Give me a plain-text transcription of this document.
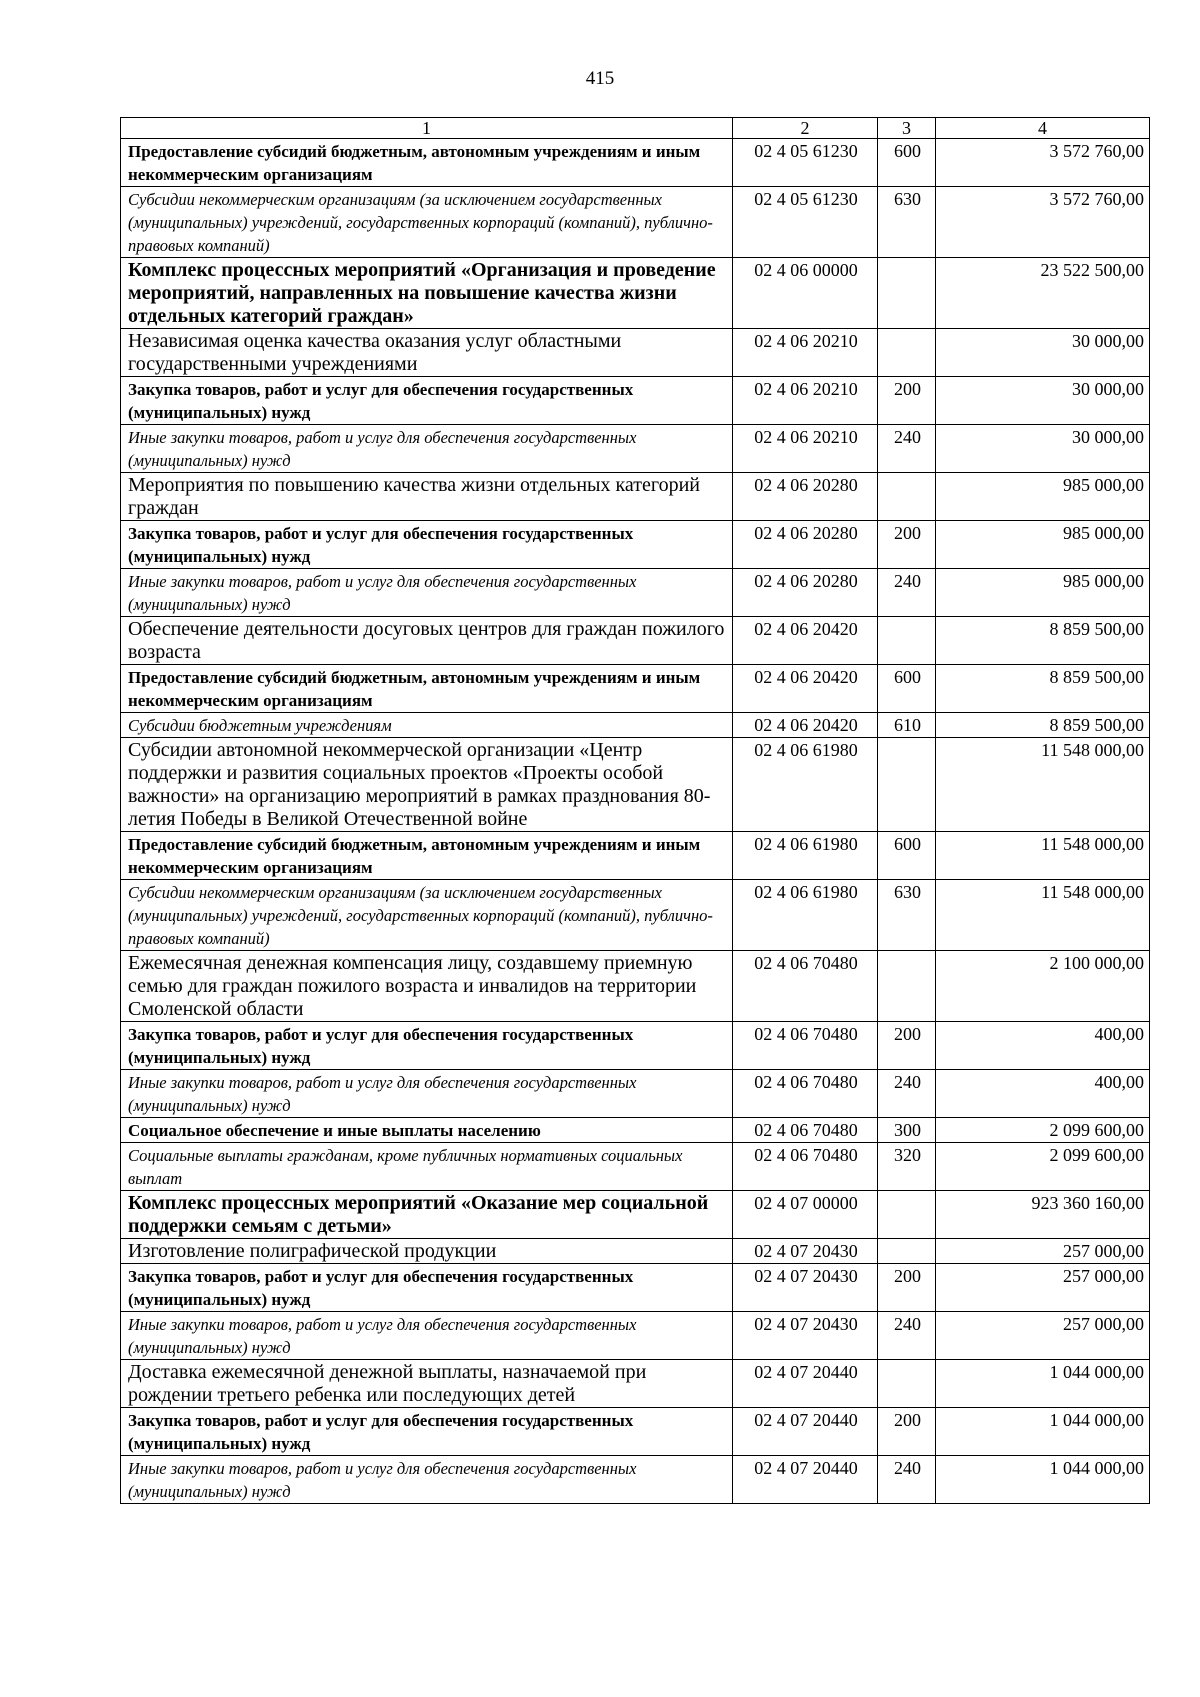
415
1	2	3	4
Предоставление субсидий бюджетным, автономным учреждениям и иным некоммерческим организациям	02 4 05 61230	600	3 572 760,00
Субсидии некоммерческим организациям (за исключением государственных (муниципальных) учреждений, государственных корпораций (компаний), публично-правовых компаний)	02 4 05 61230	630	3 572 760,00
Комплекс процессных мероприятий «Организация и проведение мероприятий, направленных на повышение качества жизни отдельных категорий граждан»	02 4 06 00000		23 522 500,00
Независимая оценка качества оказания услуг областными государственными учреждениями	02 4 06 20210		30 000,00
Закупка товаров, работ и услуг для обеспечения государственных (муниципальных) нужд	02 4 06 20210	200	30 000,00
Иные закупки товаров, работ и услуг для обеспечения государственных (муниципальных) нужд	02 4 06 20210	240	30 000,00
Мероприятия по повышению качества жизни отдельных категорий граждан	02 4 06 20280		985 000,00
Закупка товаров, работ и услуг для обеспечения государственных (муниципальных) нужд	02 4 06 20280	200	985 000,00
Иные закупки товаров, работ и услуг для обеспечения государственных (муниципальных) нужд	02 4 06 20280	240	985 000,00
Обеспечение деятельности досуговых центров для граждан пожилого возраста	02 4 06 20420		8 859 500,00
Предоставление субсидий бюджетным, автономным учреждениям и иным некоммерческим организациям	02 4 06 20420	600	8 859 500,00
Субсидии бюджетным учреждениям	02 4 06 20420	610	8 859 500,00
Субсидии автономной некоммерческой организации «Центр поддержки и развития социальных проектов «Проекты особой важности» на организацию мероприятий в рамках празднования 80-летия Победы в Великой Отечественной войне	02 4 06 61980		11 548 000,00
Предоставление субсидий бюджетным, автономным учреждениям и иным некоммерческим организациям	02 4 06 61980	600	11 548 000,00
Субсидии некоммерческим организациям (за исключением государственных (муниципальных) учреждений, государственных корпораций (компаний), публично-правовых компаний)	02 4 06 61980	630	11 548 000,00
Ежемесячная денежная компенсация лицу, создавшему приемную семью для граждан пожилого возраста и инвалидов на территории Смоленской области	02 4 06 70480		2 100 000,00
Закупка товаров, работ и услуг для обеспечения государственных (муниципальных) нужд	02 4 06 70480	200	400,00
Иные закупки товаров, работ и услуг для обеспечения государственных (муниципальных) нужд	02 4 06 70480	240	400,00
Социальное обеспечение и иные выплаты населению	02 4 06 70480	300	2 099 600,00
Социальные выплаты гражданам, кроме публичных нормативных социальных выплат	02 4 06 70480	320	2 099 600,00
Комплекс процессных мероприятий «Оказание мер социальной поддержки семьям с детьми»	02 4 07 00000		923 360 160,00
Изготовление полиграфической продукции	02 4 07 20430		257 000,00
Закупка товаров, работ и услуг для обеспечения государственных (муниципальных) нужд	02 4 07 20430	200	257 000,00
Иные закупки товаров, работ и услуг для обеспечения государственных (муниципальных) нужд	02 4 07 20430	240	257 000,00
Доставка ежемесячной денежной выплаты, назначаемой при рождении третьего ребенка или последующих детей	02 4 07 20440		1 044 000,00
Закупка товаров, работ и услуг для обеспечения государственных (муниципальных) нужд	02 4 07 20440	200	1 044 000,00
Иные закупки товаров, работ и услуг для обеспечения государственных (муниципальных) нужд	02 4 07 20440	240	1 044 000,00
